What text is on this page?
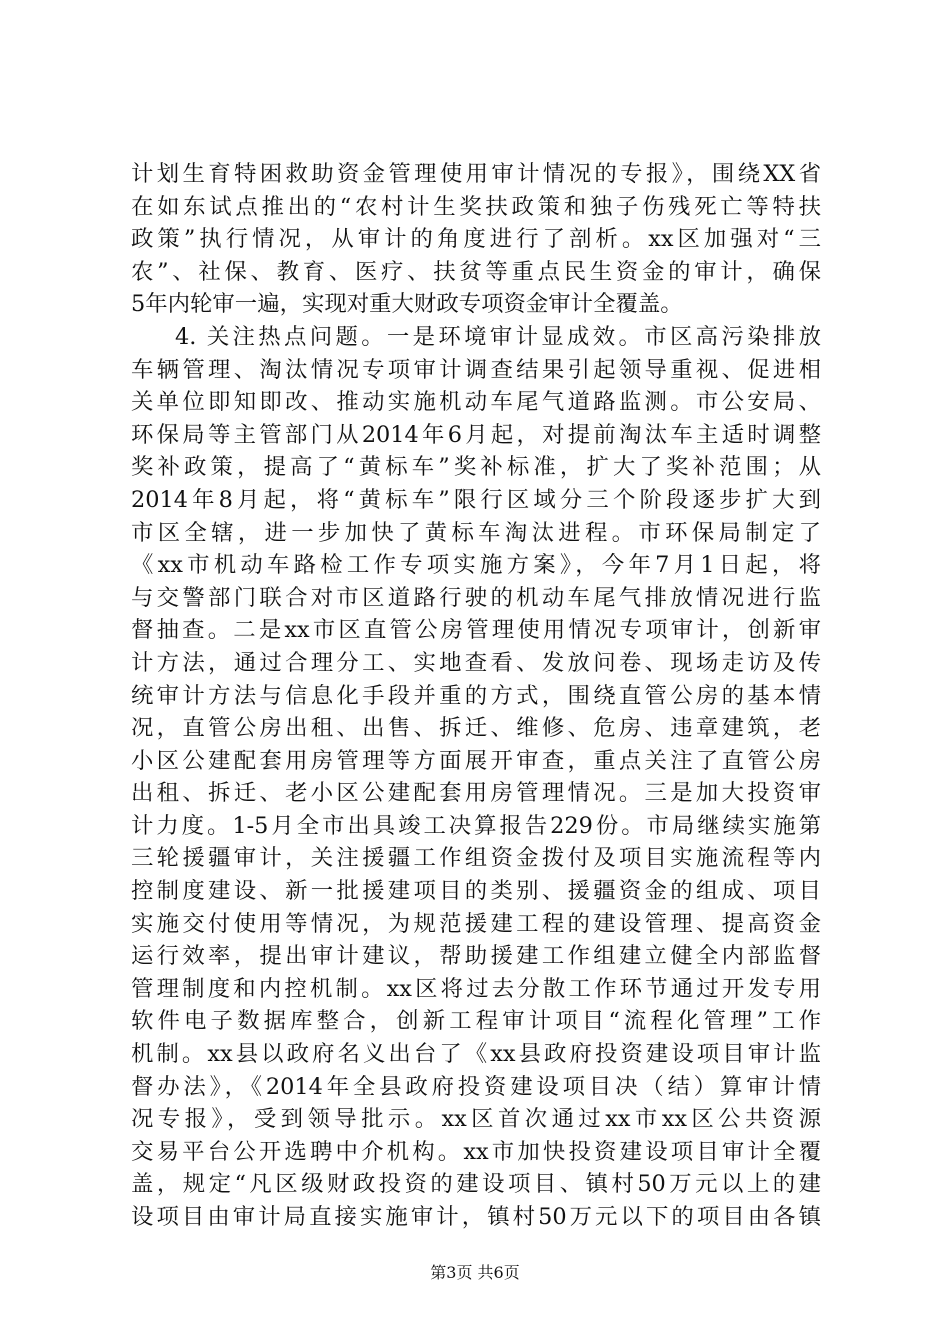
计划生育特困救助资金管理使用审计情况的专报》，围绕XX省
在如东试点推出的“农村计生奖扶政策和独子伤残死亡等特扶
政策”执行情况，从审计的角度进行了剖析。xx区加强对“三
农”、社保、教育、医疗、扶贫等重点民生资金的审计，确保
5年内轮审一遍，实现对重大财政专项资金审计全覆盖。
4. 关注热点问题。一是环境审计显成效。市区高污染排放
车辆管理、淘汰情况专项审计调查结果引起领导重视、促进相
关单位即知即改、推动实施机动车尾气道路监测。市公安局、
环保局等主管部门从2014年6月起，对提前淘汰车主适时调整
奖补政策，提高了“黄标车”奖补标准，扩大了奖补范围；从
2014年8月起，将“黄标车”限行区域分三个阶段逐步扩大到
市区全辖，进一步加快了黄标车淘汰进程。市环保局制定了
《xx市机动车路检工作专项实施方案》，今年7月1日起，将
与交警部门联合对市区道路行驶的机动车尾气排放情况进行监
督抽查。二是xx市区直管公房管理使用情况专项审计，创新审
计方法，通过合理分工、实地查看、发放问卷、现场走访及传
统审计方法与信息化手段并重的方式，围绕直管公房的基本情
况，直管公房出租、出售、拆迁、维修、危房、违章建筑，老
小区公建配套用房管理等方面展开审查，重点关注了直管公房
出租、拆迁、老小区公建配套用房管理情况。三是加大投资审
计力度。1-5月全市出具竣工决算报告229份。市局继续实施第
三轮援疆审计，关注援疆工作组资金拨付及项目实施流程等内
控制度建设、新一批援建项目的类别、援疆资金的组成、项目
实施交付使用等情况，为规范援建工程的建设管理、提高资金
运行效率，提出审计建议，帮助援建工作组建立健全内部监督
管理制度和内控机制。xx区将过去分散工作环节通过开发专用
软件电子数据库整合，创新工程审计项目“流程化管理”工作
机制。xx县以政府名义出台了《xx县政府投资建设项目审计监
督办法》，《2014年全县政府投资建设项目决（结）算审计情
况专报》，受到领导批示。xx区首次通过xx市xx区公共资源
交易平台公开选聘中介机构。xx市加快投资建设项目审计全覆
盖，规定“凡区级财政投资的建设项目、镇村50万元以上的建
设项目由审计局直接实施审计，镇村50万元以下的项目由各镇
第3页 共6页
